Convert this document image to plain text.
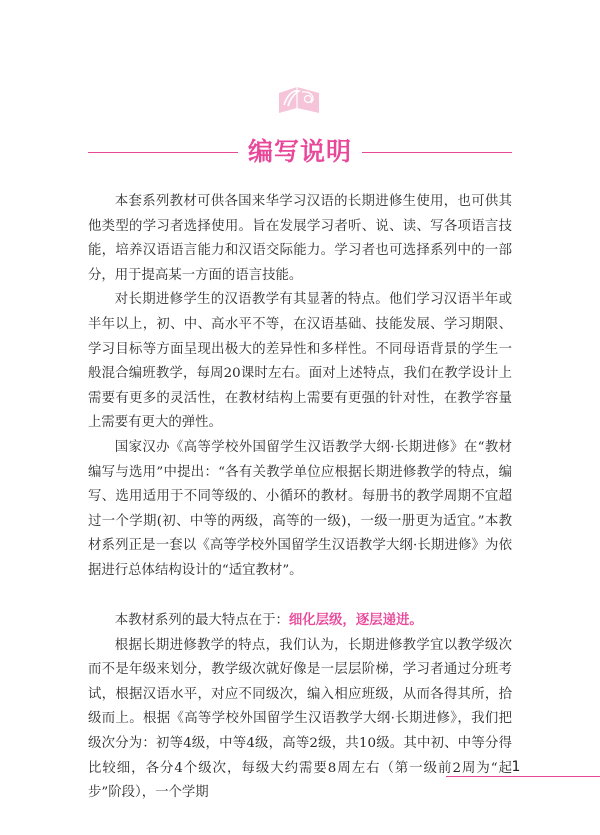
编写说明

本套系列教材可供各国来华学习汉语的长期进修生使用，也可供其他类型的学习者选择使用。旨在发展学习者听、说、读、写各项语言技能，培养汉语语言能力和汉语交际能力。学习者也可选择系列中的一部分，用于提高某一方面的语言技能。

对长期进修学生的汉语教学有其显著的特点。他们学习汉语半年或半年以上，初、中、高水平不等，在汉语基础、技能发展、学习期限、学习目标等方面呈现出极大的差异性和多样性。不同母语背景的学生一般混合编班教学，每周20课时左右。面对上述特点，我们在教学设计上需要有更多的灵活性，在教材结构上需要有更强的针对性，在教学容量上需要有更大的弹性。

国家汉办《高等学校外国留学生汉语教学大纲·长期进修》在“教材编写与选用”中提出：“各有关教学单位应根据长期进修教学的特点，编写、选用适用于不同等级的、小循环的教材。每册书的教学周期不宜超过一个学期(初、中等的两级，高等的一级)，一级一册更为适宜。”本教材系列正是一套以《高等学校外国留学生汉语教学大纲·长期进修》为依据进行总体结构设计的“适宜教材”。

本教材系列的最大特点在于：细化层级，逐层递进。

根据长期进修教学的特点，我们认为，长期进修教学宜以教学级次而不是年级来划分，教学级次就好像是一层层阶梯，学习者通过分班考试，根据汉语水平，对应不同级次，编入相应班级，从而各得其所，拾级而上。根据《高等学校外国留学生汉语教学大纲·长期进修》，我们把级次分为：初等4级，中等4级，高等2级，共10级。其中初、中等分得比较细，各分4个级次，每级大约需要8周左右（第一级前2周为“起步”阶段），一个学期

1
